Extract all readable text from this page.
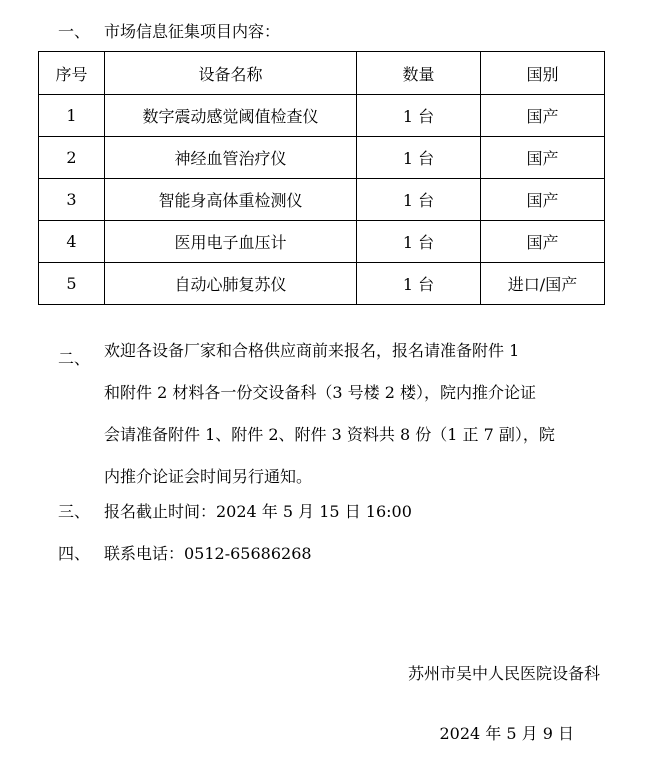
一、 市场信息征集项目内容：
序号	设备名称	数量	国别
1	数字震动感觉阈值检查仪	1 台	国产
2	神经血管治疗仪	1 台	国产
3	智能身高体重检测仪	1 台	国产
4	医用电子血压计	1 台	国产
5	自动心肺复苏仪	1 台	进口/国产
二、 欢迎各设备厂家和合格供应商前来报名，报名请准备附件 1
和附件 2 材料各一份交设备科（3 号楼 2 楼），院内推介论证
会请准备附件 1、附件 2、附件 3 资料共 8 份（1 正 7 副），院
内推介论证会时间另行通知。
三、 报名截止时间：2024 年 5 月 15 日 16:00
四、 联系电话：0512-65686268
苏州市吴中人民医院设备科
2024 年 5 月 9 日
